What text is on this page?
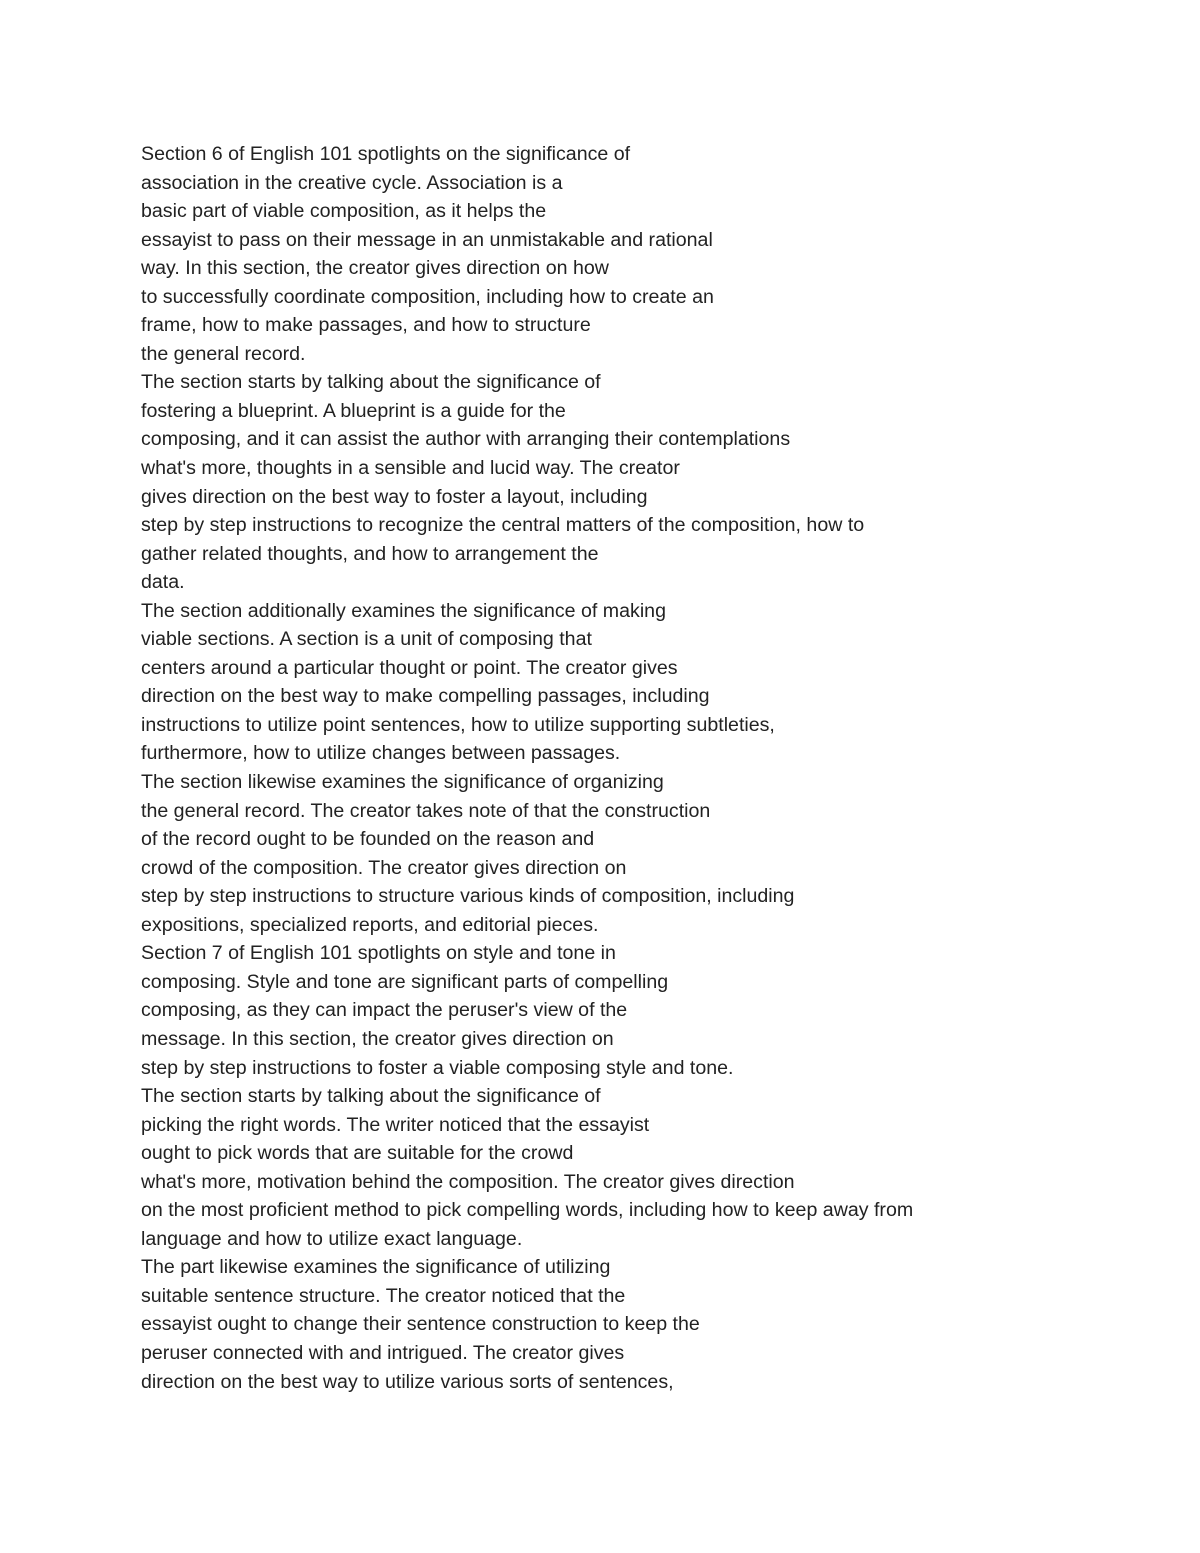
Section 6 of English 101 spotlights on the significance of
association in the creative cycle. Association is a
basic part of viable composition, as it helps the
essayist to pass on their message in an unmistakable and rational
way. In this section, the creator gives direction on how
to successfully coordinate composition, including how to create an
frame, how to make passages, and how to structure
the general record.
The section starts by talking about the significance of
fostering a blueprint. A blueprint is a guide for the
composing, and it can assist the author with arranging their contemplations
what's more, thoughts in a sensible and lucid way. The creator
gives direction on the best way to foster a layout, including
step by step instructions to recognize the central matters of the composition, how to
gather related thoughts, and how to arrangement the
data.
The section additionally examines the significance of making
viable sections. A section is a unit of composing that
centers around a particular thought or point. The creator gives
direction on the best way to make compelling passages, including
instructions to utilize point sentences, how to utilize supporting subtleties,
furthermore, how to utilize changes between passages.
The section likewise examines the significance of organizing
the general record. The creator takes note of that the construction
of the record ought to be founded on the reason and
crowd of the composition. The creator gives direction on
step by step instructions to structure various kinds of composition, including
expositions, specialized reports, and editorial pieces.
Section 7 of English 101 spotlights on style and tone in
composing. Style and tone are significant parts of compelling
composing, as they can impact the peruser's view of the
message. In this section, the creator gives direction on
step by step instructions to foster a viable composing style and tone.
The section starts by talking about the significance of
picking the right words. The writer noticed that the essayist
ought to pick words that are suitable for the crowd
what's more, motivation behind the composition. The creator gives direction
on the most proficient method to pick compelling words, including how to keep away from
language and how to utilize exact language.
The part likewise examines the significance of utilizing
suitable sentence structure. The creator noticed that the
essayist ought to change their sentence construction to keep the
peruser connected with and intrigued. The creator gives
direction on the best way to utilize various sorts of sentences,
